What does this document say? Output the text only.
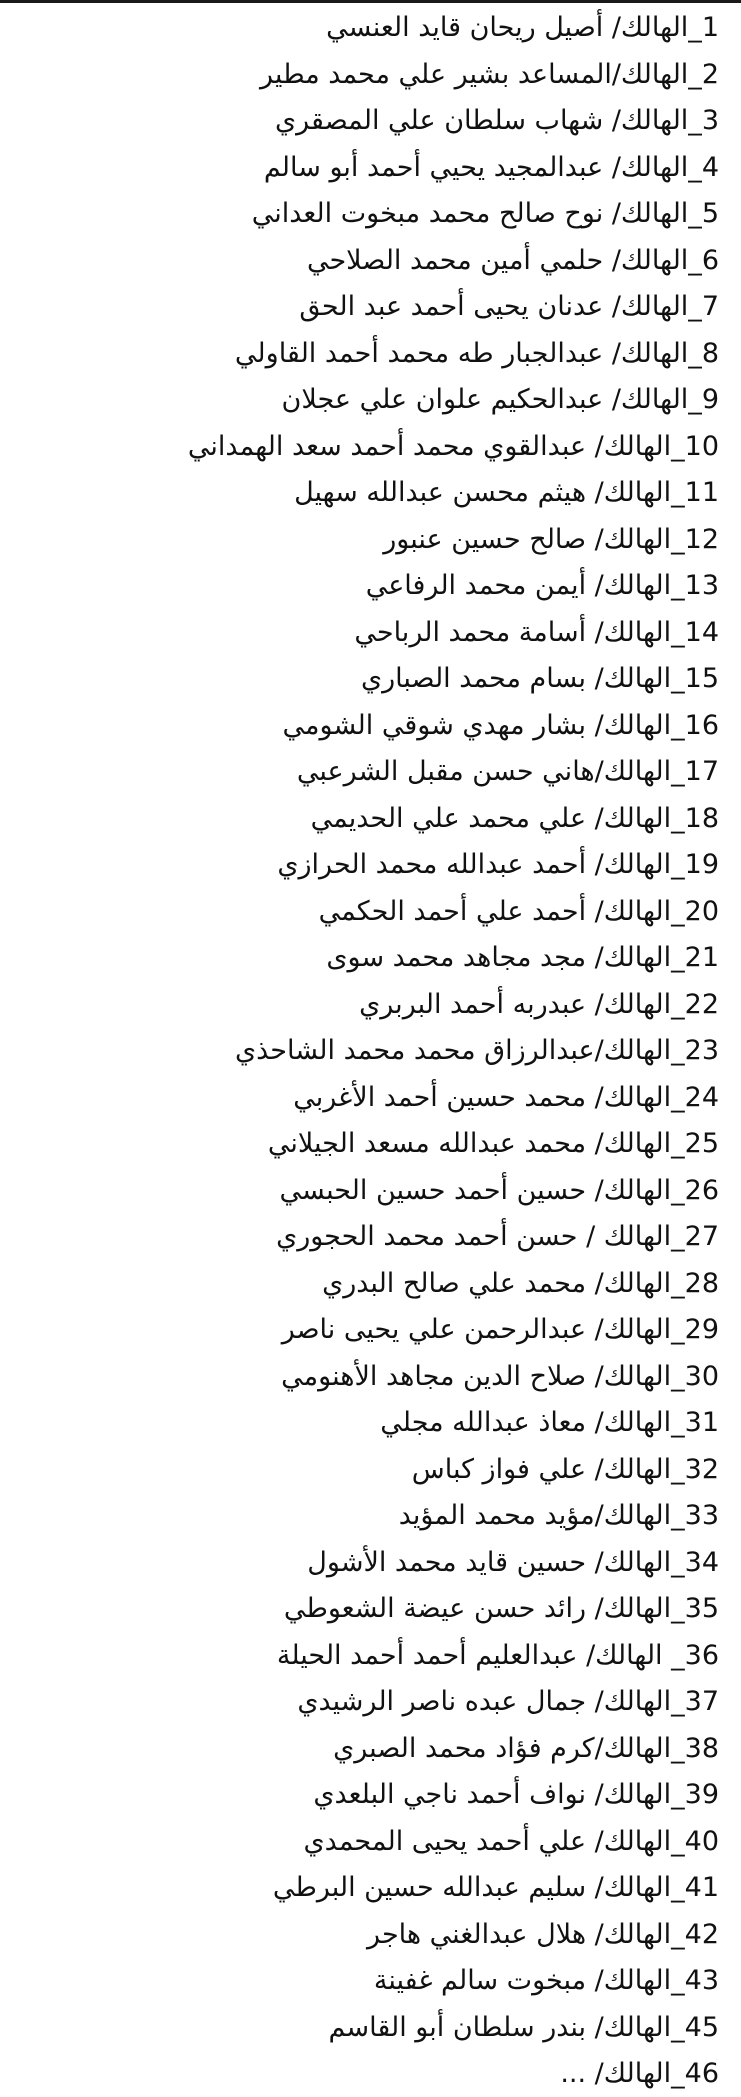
1_الهالك/ أصيل ريحان قايد العنسي
2_الهالك/المساعد بشير علي محمد مطير
3_الهالك/ شهاب سلطان علي المصقري
4_الهالك/ عبدالمجيد يحيي أحمد أبو سالم
5_الهالك/ نوح صالح محمد مبخوت العداني
6_الهالك/ حلمي أمين محمد الصلاحي
7_الهالك/ عدنان يحيى أحمد عبد الحق
8_الهالك/ عبدالجبار طه محمد أحمد القاولي
9_الهالك/ عبدالحكيم علوان علي عجلان
10_الهالك/ عبدالقوي محمد أحمد سعد الهمداني
11_الهالك/ هيثم محسن عبدالله سهيل
12_الهالك/ صالح حسين عنبور
13_الهالك/ أيمن محمد الرفاعي
14_الهالك/ أسامة محمد الرباحي
15_الهالك/ بسام محمد الصباري
16_الهالك/ بشار مهدي شوقي الشومي
17_الهالك/هاني حسن مقبل الشرعبي
18_الهالك/ علي محمد علي الحديمي
19_الهالك/ أحمد عبدالله محمد الحرازي
20_الهالك/ أحمد علي أحمد الحكمي
21_الهالك/ مجد مجاهد محمد سوى
22_الهالك/ عبدربه أحمد البربري
23_الهالك/عبدالرزاق محمد محمد الشاحذي
24_الهالك/ محمد حسين أحمد الأغربي
25_الهالك/ محمد عبدالله مسعد الجيلاني
26_الهالك/ حسين أحمد حسين الحبسي
27_الهالك / حسن أحمد محمد الحجوري
28_الهالك/ محمد علي صالح البدري
29_الهالك/ عبدالرحمن علي يحيى ناصر
30_الهالك/ صلاح الدين مجاهد الأهنومي
31_الهالك/ معاذ عبدالله مجلي
32_الهالك/ علي فواز كباس
33_الهالك/مؤيد محمد المؤيد
34_الهالك/ حسين قايد محمد الأشول
35_الهالك/ رائد حسن عيضة الشعوطي
36_ الهالك/ عبدالعليم أحمد أحمد الحيلة
37_الهالك/ جمال عبده ناصر الرشيدي
38_الهالك/كرم فؤاد محمد الصبري
39_الهالك/ نواف أحمد ناجي البلعدي
40_الهالك/ علي أحمد يحيى المحمدي
41_الهالك/ سليم عبدالله حسين البرطي
42_الهالك/ هلال عبدالغني هاجر
43_الهالك/ مبخوت سالم غفينة
45_الهالك/ بندر سلطان أبو القاسم
46_الهالك/ ...
